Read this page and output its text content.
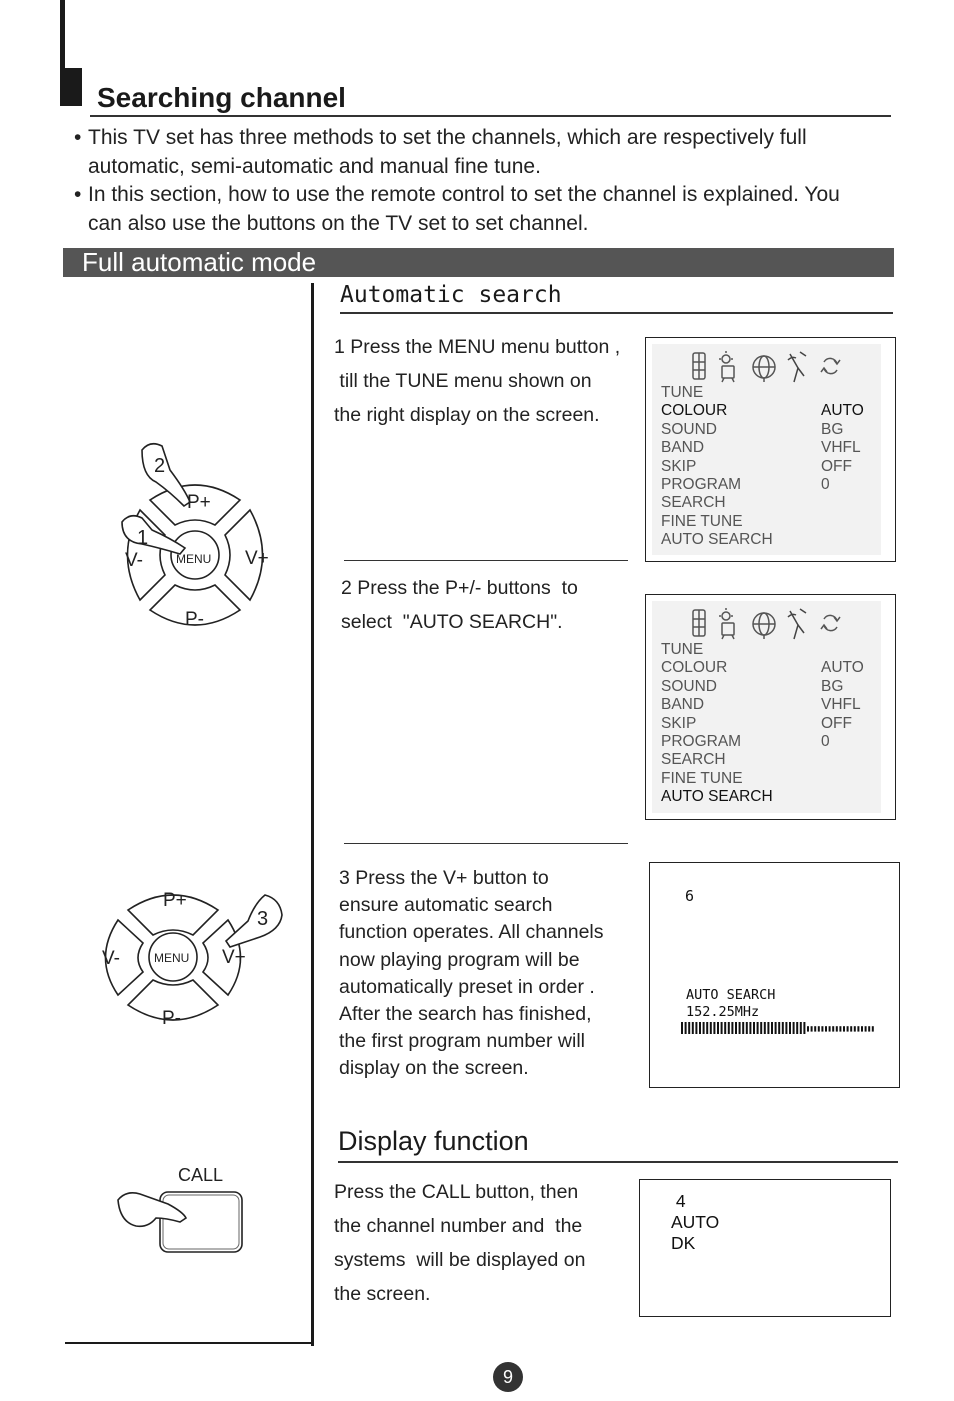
Searching channel
• This TV set has three methods to set the channels, which are respectively full automatic, semi‐automatic and manual fine tune.
• In this section, how to use the remote control to set the channel is explained. You can also use the buttons on the TV set to set channel.
Full automatic mode
Automatic search
1 Press the MENU menu button ,
till the TUNE menu shown on
the right display on the screen.
2 Press the P+/- buttons  to
select  "AUTO SEARCH".
3 Press the V+ button to
ensure automatic search
function operates. All channels
now playing program will be
automatically preset in order .
After the search has finished,
the first program number will
display on the screen.
TUNE
COLOUR	AUTO
SOUND	BG
BAND	VHFL
SKIP	OFF
PROGRAM	0
SEARCH
FINE TUNE
AUTO SEARCH
TUNE
COLOUR	AUTO
SOUND	BG
BAND	VHFL
SKIP	OFF
PROGRAM	0
SEARCH
FINE TUNE
AUTO SEARCH
6
AUTO SEARCH
152.25MHz
P+
P-
V-	V+
MENU
2
1
P+
P-
V-	V+
MENU
3
Display function
Press the CALL button, then
the channel number and  the
systems  will be displayed on
the screen.
CALL
4
AUTO
DK
9
